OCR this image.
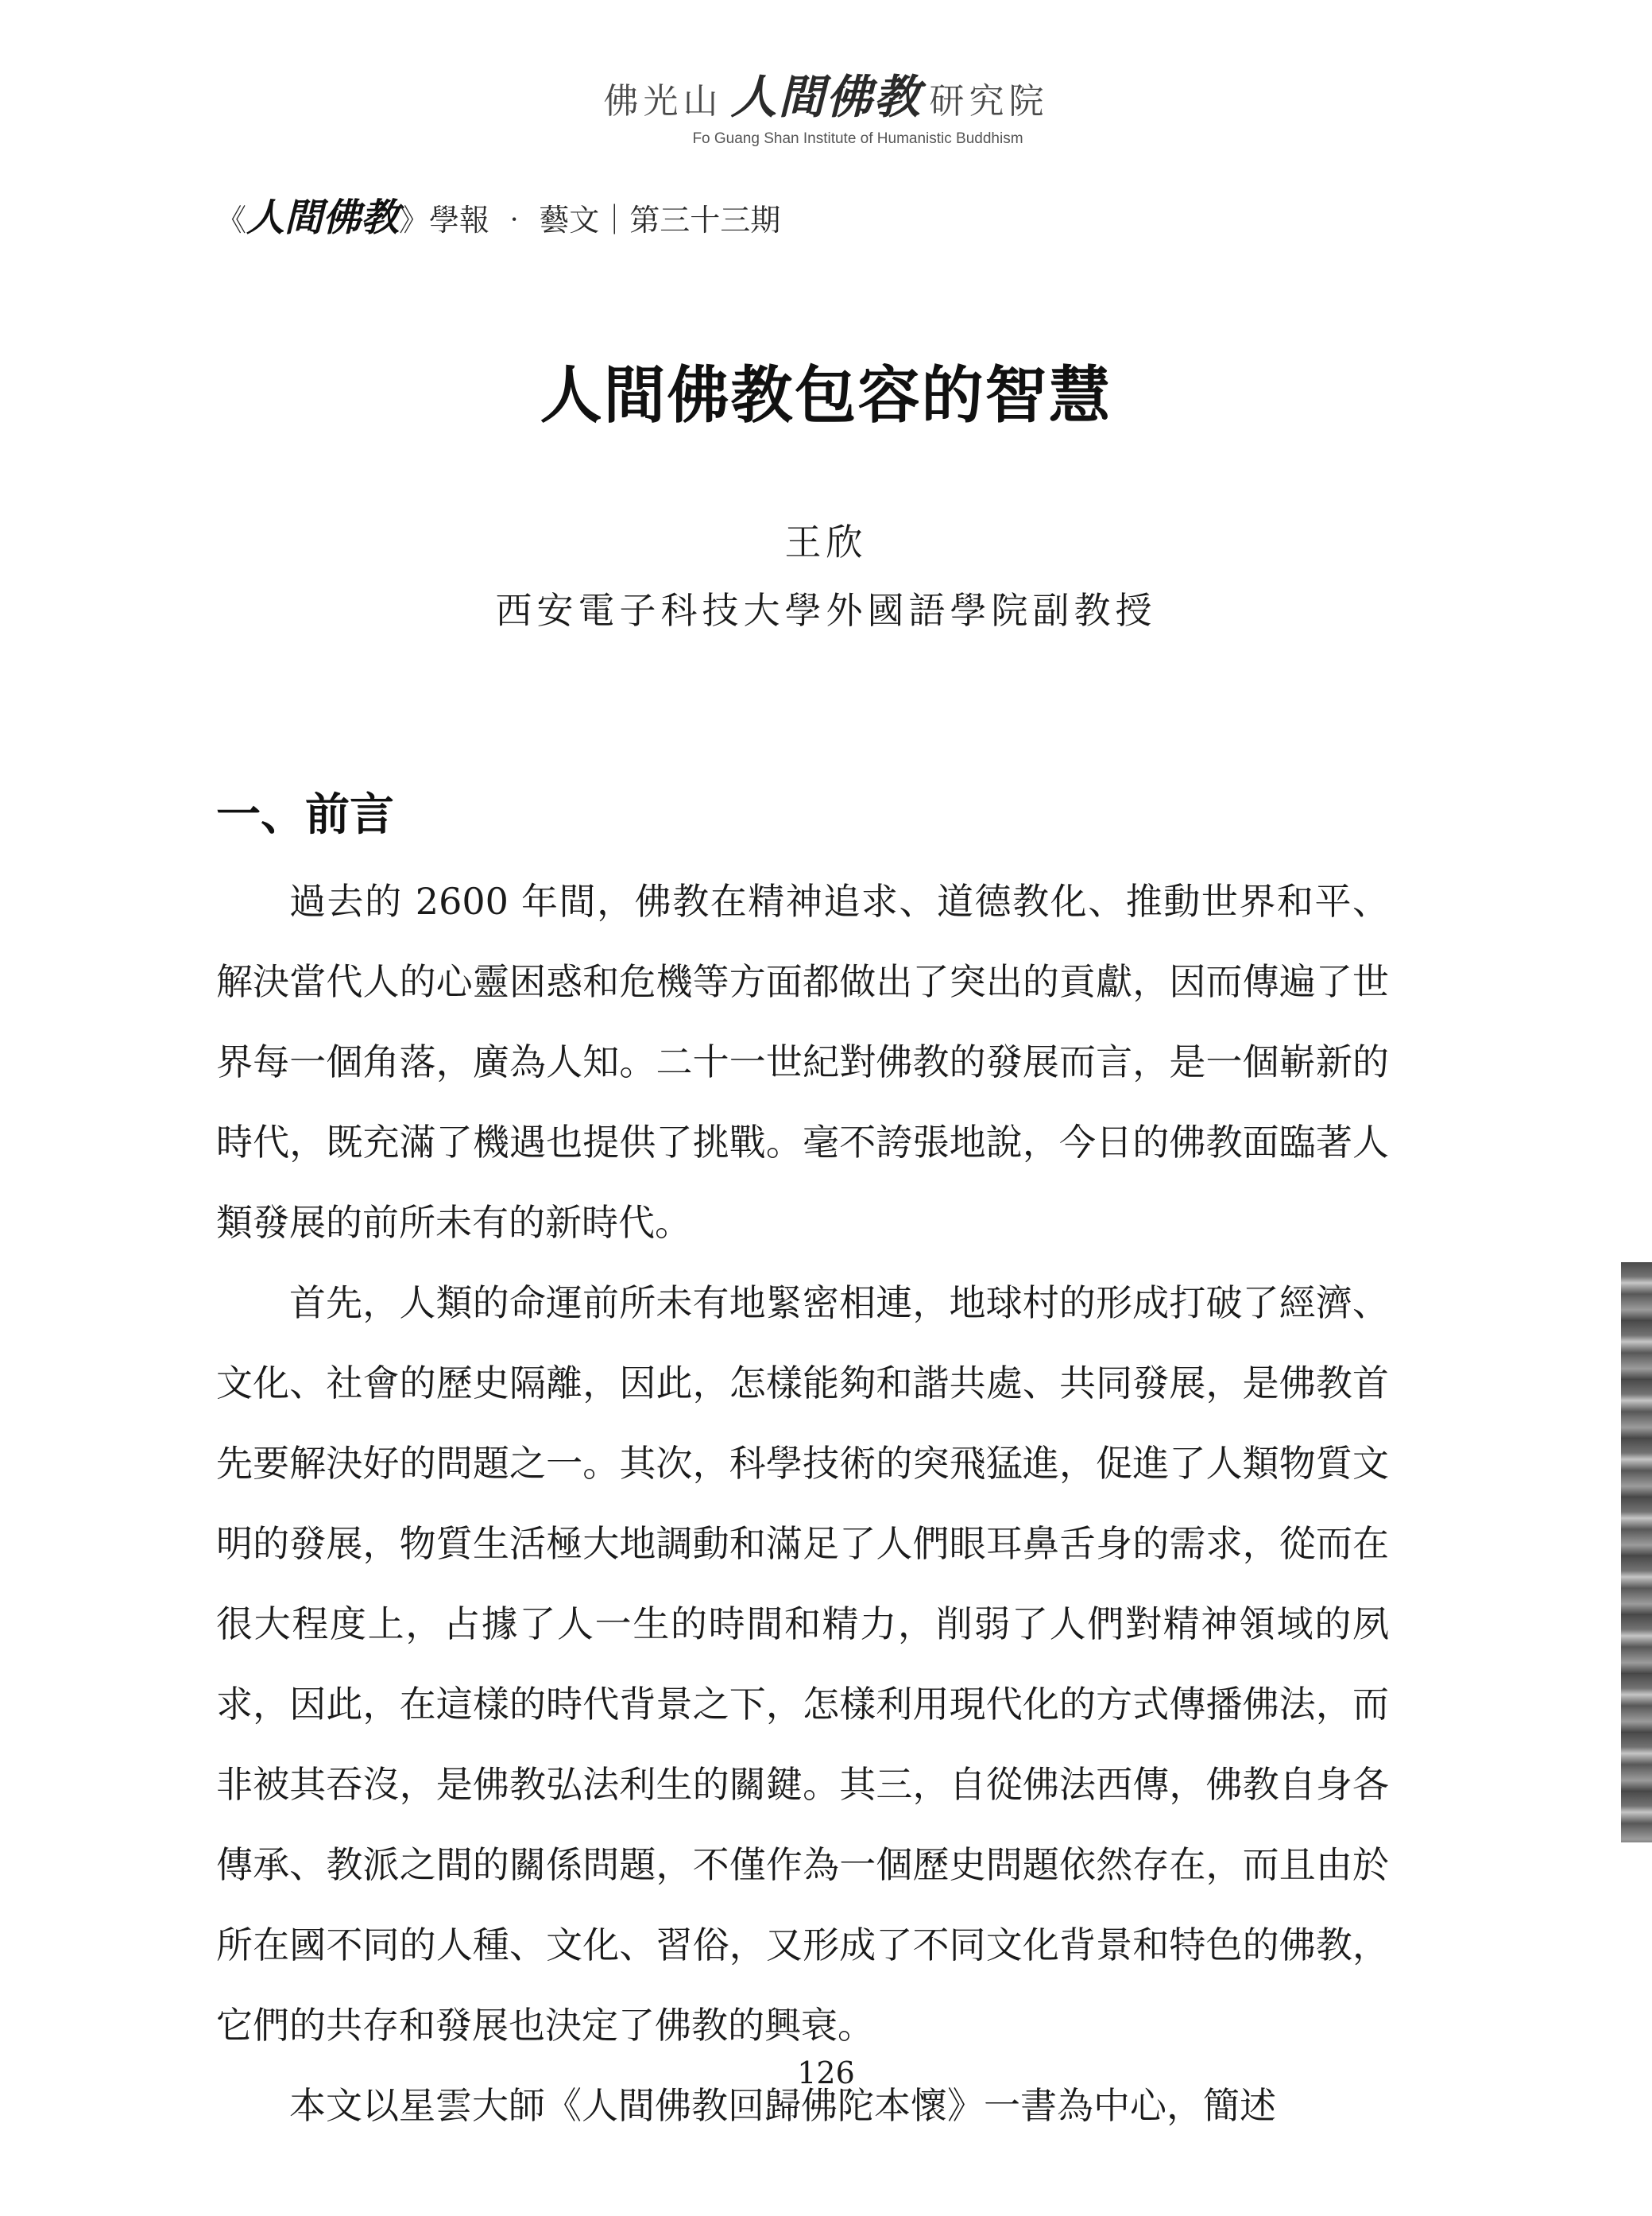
佛光山 人間佛教 研究院
Fo Guang Shan Institute of Humanistic Buddhism
《人間佛教》學報 ‧ 藝文｜第三十三期
人間佛教包容的智慧
王欣
西安電子科技大學外國語學院副教授
一、前言

過去的 2600 年間，佛教在精神追求、道德教化、推動世界和平、解決當代人的心靈困惑和危機等方面都做出了突出的貢獻，因而傳遍了世界每一個角落，廣為人知。二十一世紀對佛教的發展而言，是一個嶄新的時代，既充滿了機遇也提供了挑戰。毫不誇張地說，今日的佛教面臨著人類發展的前所未有的新時代。

首先，人類的命運前所未有地緊密相連，地球村的形成打破了經濟、文化、社會的歷史隔離，因此，怎樣能夠和諧共處、共同發展，是佛教首先要解決好的問題之一。其次，科學技術的突飛猛進，促進了人類物質文明的發展，物質生活極大地調動和滿足了人們眼耳鼻舌身的需求，從而在很大程度上，占據了人一生的時間和精力，削弱了人們對精神領域的夙求，因此，在這樣的時代背景之下，怎樣利用現代化的方式傳播佛法，而非被其吞沒，是佛教弘法利生的關鍵。其三，自從佛法西傳，佛教自身各傳承、教派之間的關係問題，不僅作為一個歷史問題依然存在，而且由於所在國不同的人種、文化、習俗，又形成了不同文化背景和特色的佛教，它們的共存和發展也決定了佛教的興衰。

本文以星雲大師《人間佛教回歸佛陀本懷》一書為中心，簡述

126
